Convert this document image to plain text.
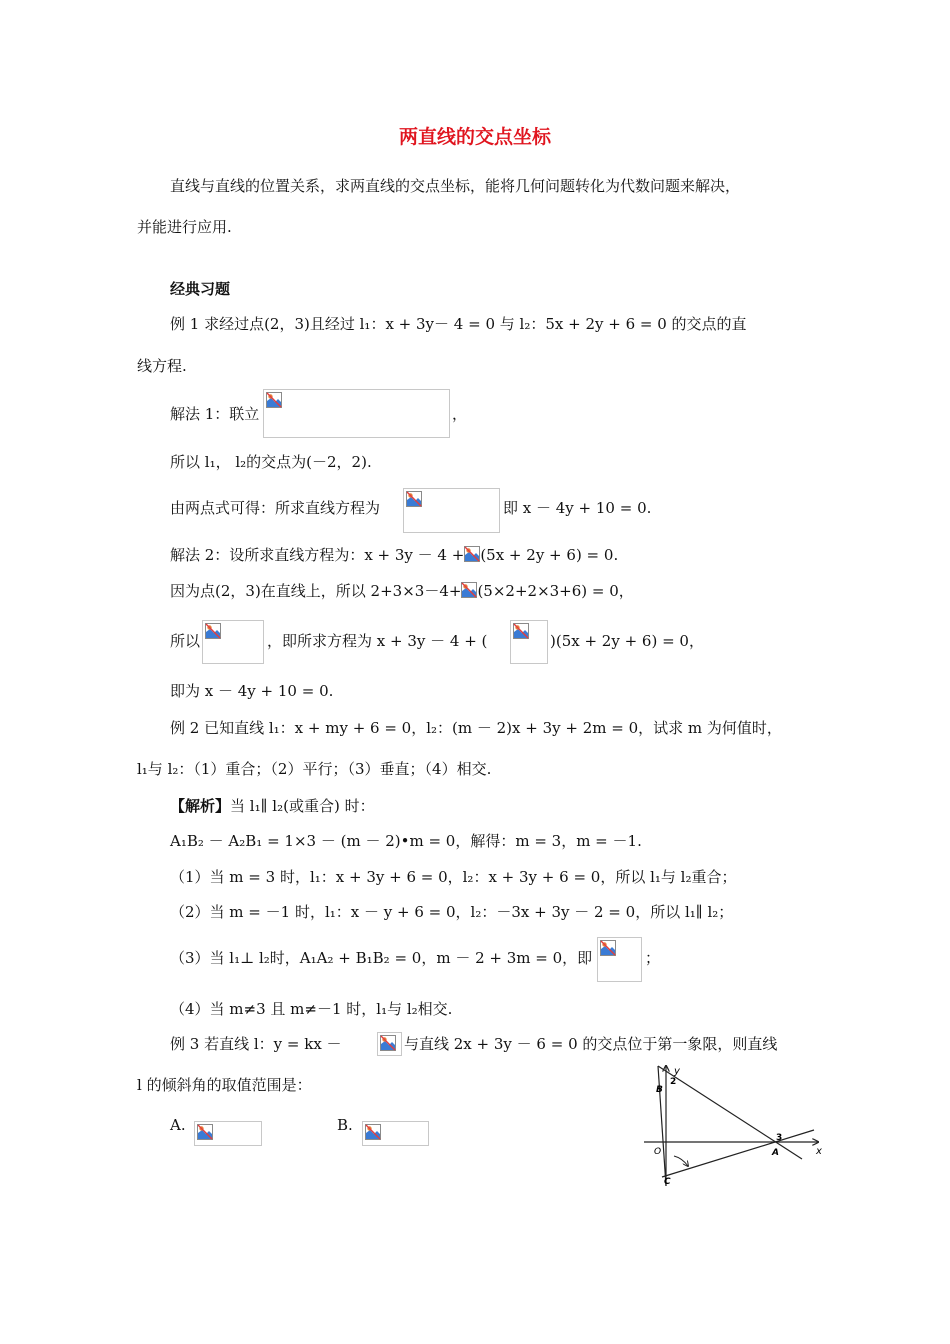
两直线的交点坐标
直线与直线的位置关系，求两直线的交点坐标，能将几何问题转化为代数问题来解决，
并能进行应用.
经典习题
例 1 求经过点(2，3)且经过 l₁：x + 3y－ 4 = 0 与 l₂：5x + 2y + 6 = 0 的交点的直
线方程.
解法 1：联立	，
所以 l₁， l₂的交点为(－2，2).
由两点式可得：所求直线方程为	即 x － 4y + 10 = 0.
解法 2：设所求直线方程为：x + 3y － 4 + (5x + 2y + 6) = 0.
因为点(2，3)在直线上，所以 2+3×3－4+ (5×2+2×3+6) = 0，
所以	，即所求方程为 x + 3y － 4 + (	)(5x + 2y + 6) = 0，
即为 x － 4y + 10 = 0.
例 2 已知直线 l₁：x + my + 6 = 0，l₂：(m － 2)x + 3y + 2m = 0，试求 m 为何值时，
l₁与 l₂：（1）重合；（2）平行；（3）垂直；（4）相交.
【解析】当 l₁∥ l₂(或重合) 时：
A₁B₂ － A₂B₁ = 1×3 － (m － 2)•m = 0，解得：m = 3，m = －1.
（1）当 m = 3 时，l₁：x + 3y + 6 = 0，l₂：x + 3y + 6 = 0，所以 l₁与 l₂重合；
（2）当 m = －1 时，l₁：x － y + 6 = 0，l₂：－3x + 3y － 2 = 0，所以 l₁∥ l₂；
（3）当 l₁⊥ l₂时，A₁A₂ + B₁B₂ = 0，m － 2 + 3m = 0，即	；
（4）当 m≠3 且 m≠－1 时，l₁与 l₂相交.
例 3 若直线 l：y = kx －	与直线 2x + 3y － 6 = 0 的交点位于第一象限，则直线
l 的倾斜角的取值范围是：
A.	B.
y
x
B
2
O
3
A
C
